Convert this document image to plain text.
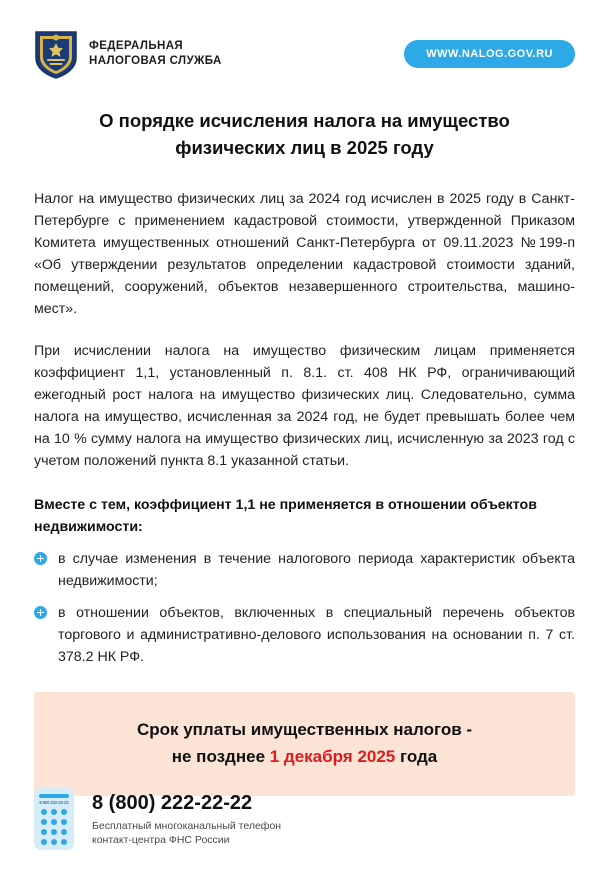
ФЕДЕРАЛЬНАЯ
НАЛОГОВАЯ СЛУЖБА
WWW.NALOG.GOV.RU
О порядке исчисления налога на имущество
физических лиц в 2025 году

Налог на имущество физических лиц за 2024 год исчислен в 2025 году в Санкт-Петербурге с применением кадастровой стоимости, утвержденной Приказом Комитета имущественных отношений Санкт-Петербурга от 09.11.2023 №199-п «Об утверждении результатов определении кадастровой стоимости зданий, помещений, сооружений, объектов незавершенного строительства, машино-мест».

При исчислении налога на имущество физическим лицам применяется коэффициент 1,1, установленный п. 8.1. ст. 408 НК РФ, ограничивающий ежегодный рост налога на имущество физических лиц. Следовательно, сумма налога на имущество, исчисленная за 2024 год, не будет превышать более чем на 10 % сумму налога на имущество физических лиц, исчисленную за 2023 год с учетом положений пункта 8.1 указанной статьи.

Вместе с тем, коэффициент 1,1 не применяется в отношении объектов недвижимости:

в случае изменения в течение налогового периода характеристик объекта недвижимости;
в отношении объектов, включенных в специальный перечень объектов торгового и административно-делового использования на основании п. 7 ст. 378.2 НК РФ.
Срок уплаты имущественных налогов -
не позднее 1 декабря 2025 года
8 800 222-22-22 8 (800) 222-22-22
Бесплатный многоканальный телефон
контакт-центра ФНС России
